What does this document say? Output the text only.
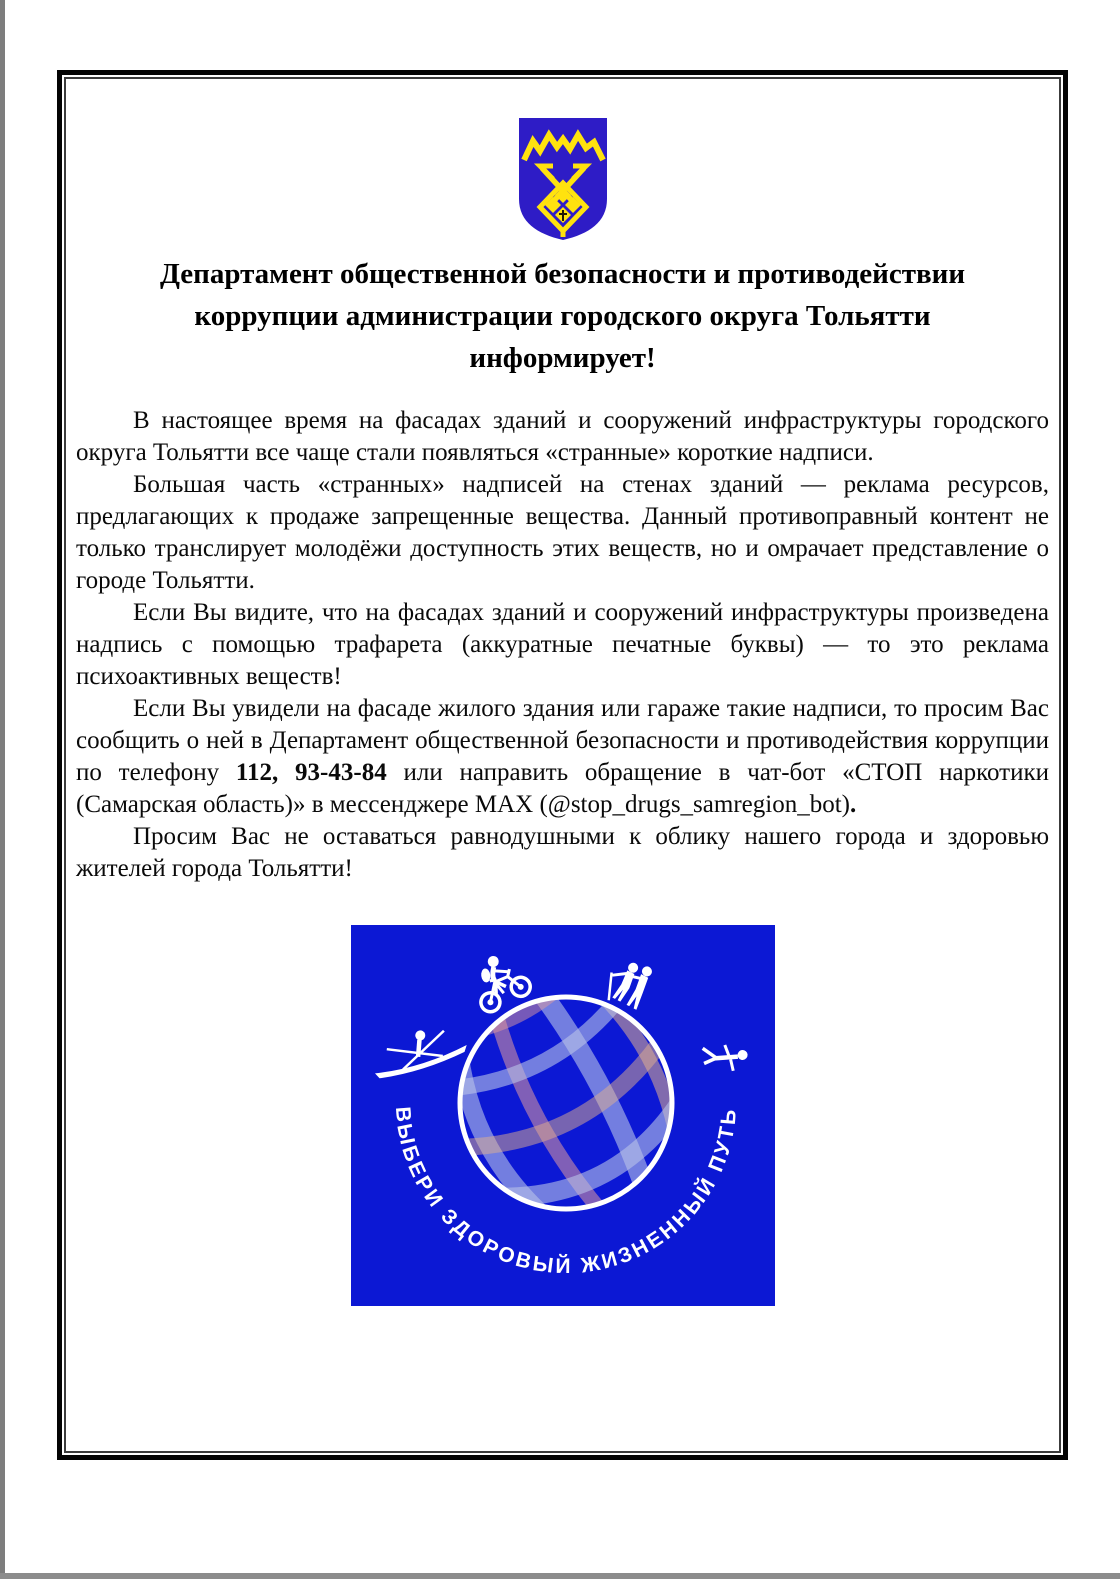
Департамент общественной безопасности и противодействии
коррупции администрации городского округа Тольятти
информирует!

В настоящее время на фасадах зданий и сооружений инфраструктуры городского округа Тольятти все чаще стали появляться «странные» короткие надписи.

Большая часть «странных» надписей на стенах зданий — реклама ресурсов, предлагающих к продаже запрещенные вещества. Данный противоправный контент не только транслирует молодёжи доступность этих веществ, но и омрачает представление о городе Тольятти.

Если Вы видите, что на фасадах зданий и сооружений инфраструктуры произведена надпись с помощью трафарета (аккуратные печатные буквы) — то это реклама психоактивных веществ!

Если Вы увидели на фасаде жилого здания или гараже такие надписи, то просим Вас сообщить о ней в Департамент общественной безопасности и противодействия коррупции по телефону 112, 93-43-84 или направить обращение в чат-бот «СТОП наркотики (Самарская область)» в мессенджере MAX (@stop_drugs_samregion_bot).

Просим Вас не оставаться равнодушными к облику нашего города и здоровью жителей города Тольятти!

ВЫБЕРИ ЗДОРОВЫЙ ЖИЗНЕННЫЙ ПУТЬ
